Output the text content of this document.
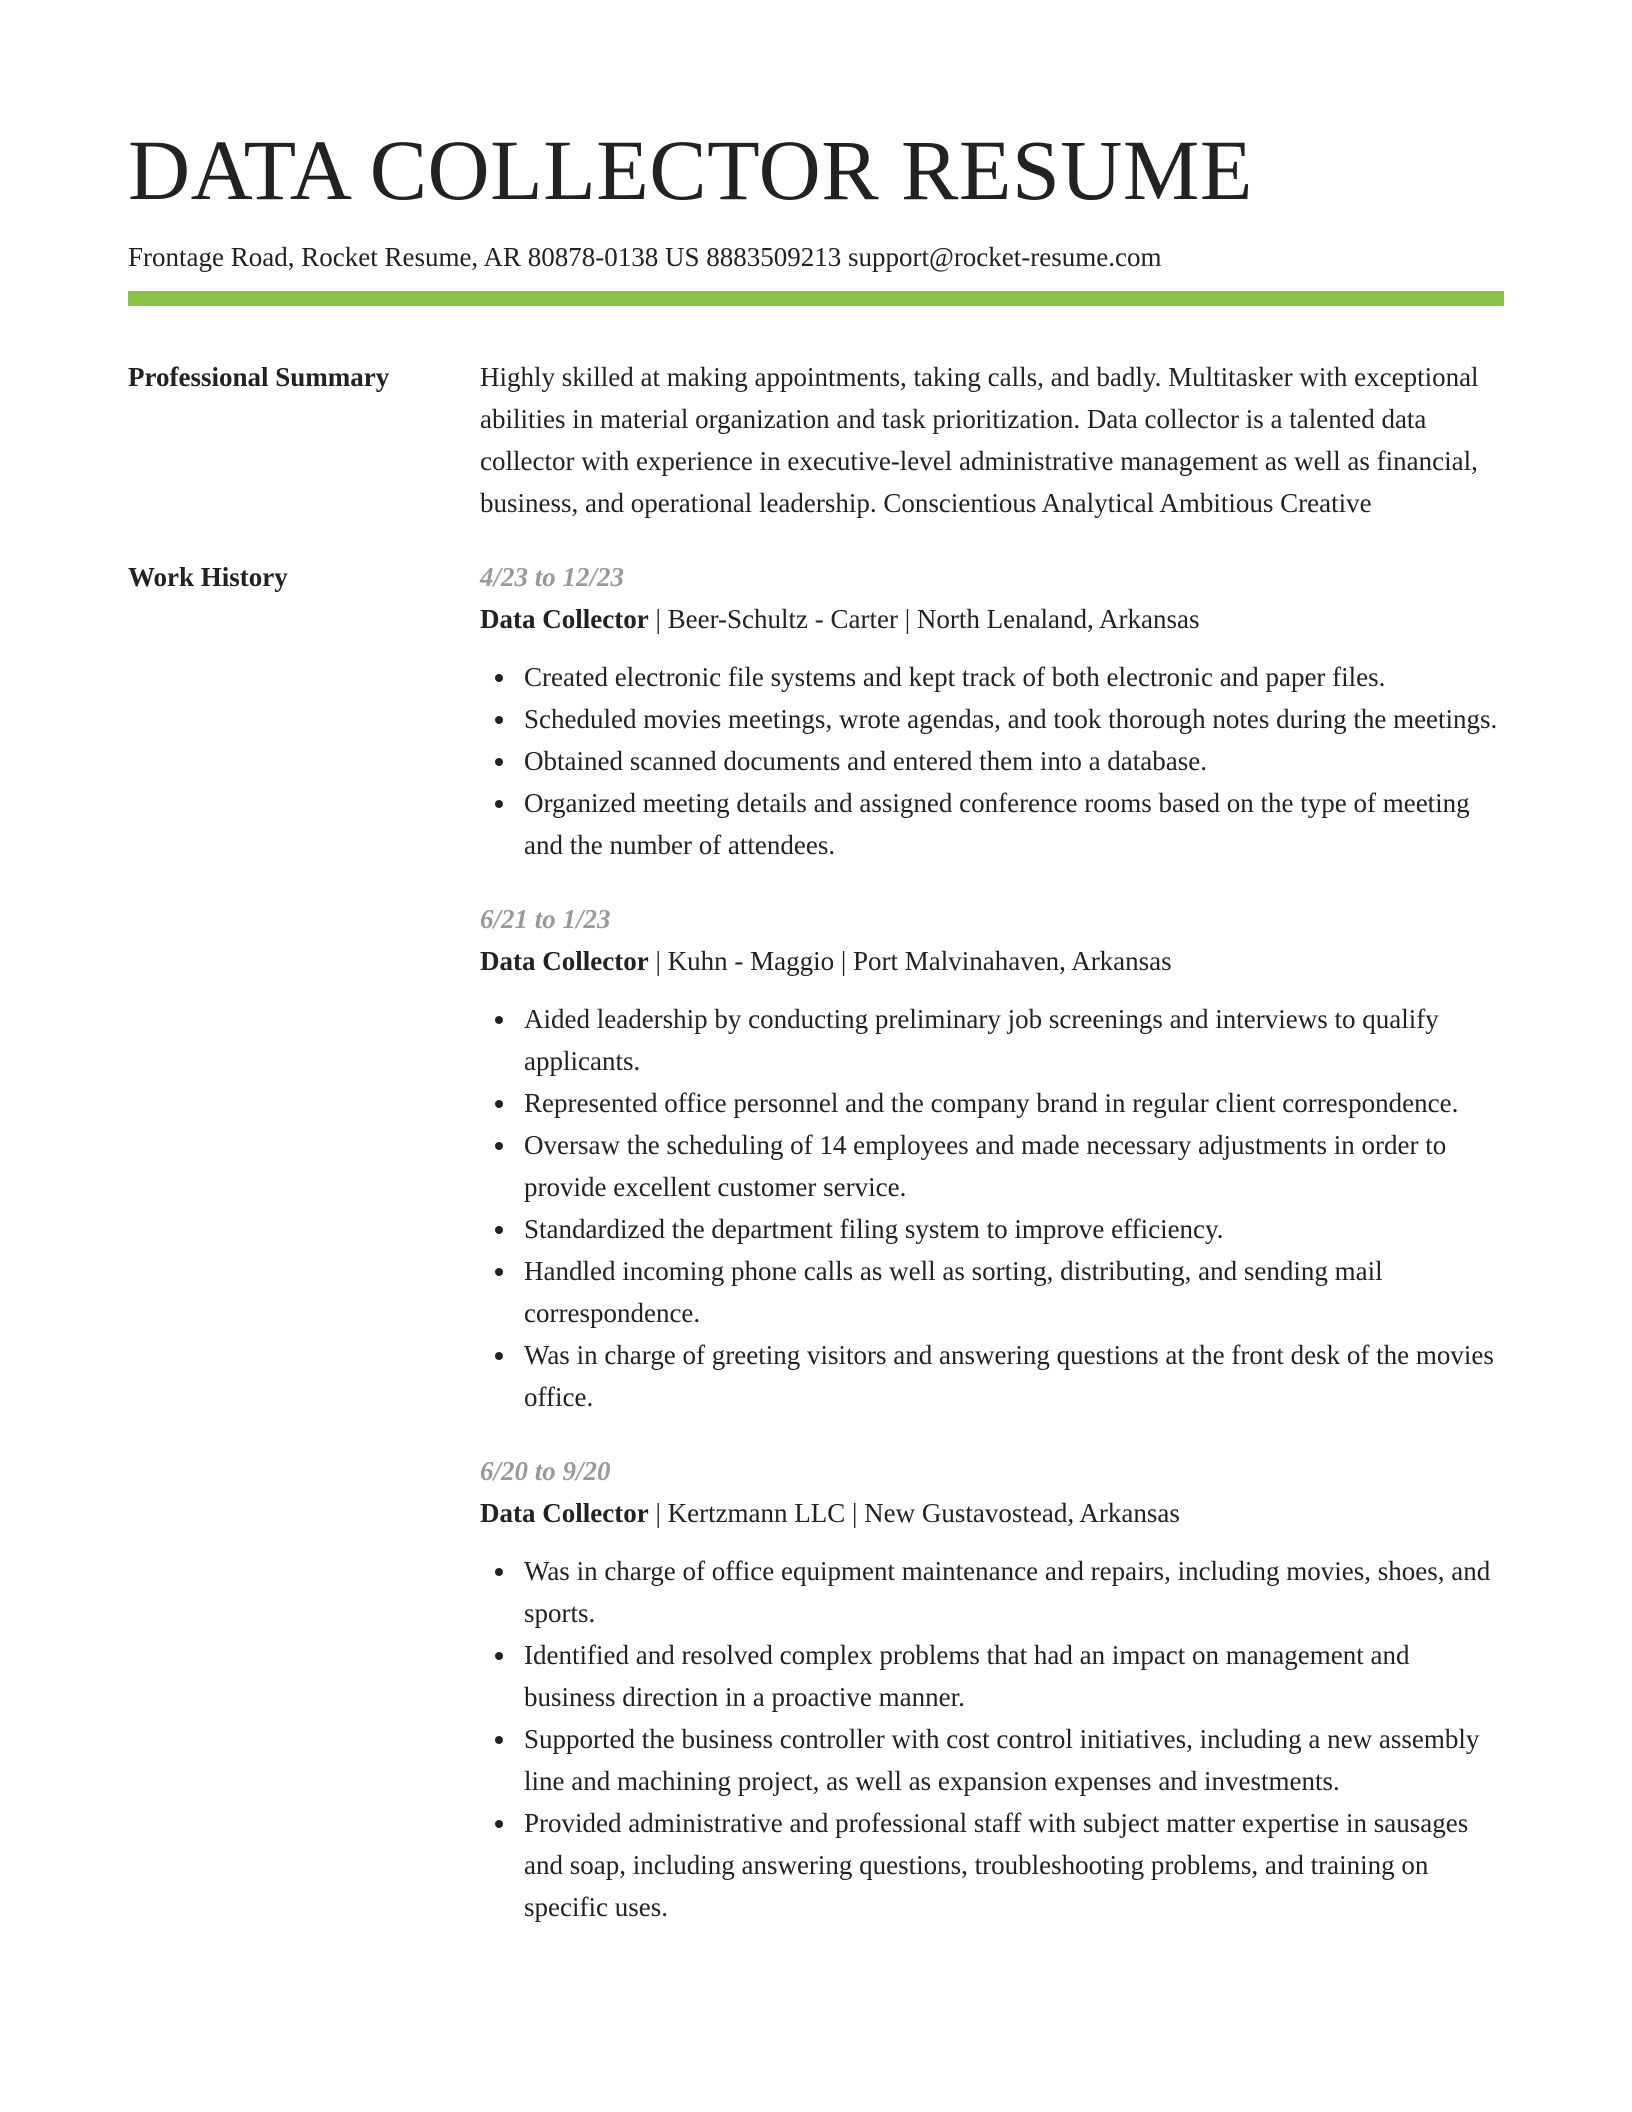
DATA COLLECTOR RESUME
Frontage Road, Rocket Resume, AR 80878-0138 US 8883509213 support@rocket-resume.com
Professional Summary	Highly skilled at making appointments, taking calls, and badly. Multitasker with exceptional abilities in material organization and task prioritization. Data collector is a talented data collector with experience in executive-level administrative management as well as financial, business, and operational leadership. Conscientious Analytical Ambitious Creative
Work History	4/23 to 12/23
Data Collector | Beer-Schultz - Carter | North Lenaland, Arkansas
Created electronic file systems and kept track of both electronic and paper files.
Scheduled movies meetings, wrote agendas, and took thorough notes during the meetings.
Obtained scanned documents and entered them into a database.
Organized meeting details and assigned conference rooms based on the type of meeting and the number of attendees.
6/21 to 1/23
Data Collector | Kuhn - Maggio | Port Malvinahaven, Arkansas
Aided leadership by conducting preliminary job screenings and interviews to qualify applicants.
Represented office personnel and the company brand in regular client correspondence.
Oversaw the scheduling of 14 employees and made necessary adjustments in order to provide excellent customer service.
Standardized the department filing system to improve efficiency.
Handled incoming phone calls as well as sorting, distributing, and sending mail correspondence.
Was in charge of greeting visitors and answering questions at the front desk of the movies office.
6/20 to 9/20
Data Collector | Kertzmann LLC | New Gustavostead, Arkansas
Was in charge of office equipment maintenance and repairs, including movies, shoes, and sports.
Identified and resolved complex problems that had an impact on management and business direction in a proactive manner.
Supported the business controller with cost control initiatives, including a new assembly line and machining project, as well as expansion expenses and investments.
Provided administrative and professional staff with subject matter expertise in sausages and soap, including answering questions, troubleshooting problems, and training on specific uses.
